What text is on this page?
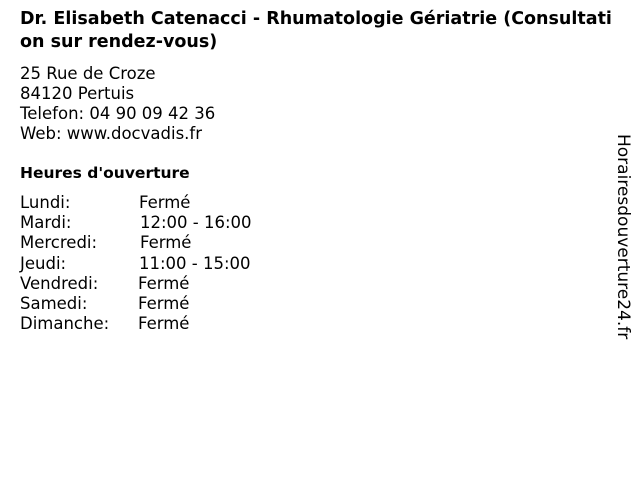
Dr. Elisabeth Catenacci - Rhumatologie Gériatrie (Consultation sur rendez-vous)
25 Rue de Croze
84120 Pertuis
Telefon: 04 90 09 42 36
Web: www.docvadis.fr
Heures d'ouverture
Lundi:	Fermé
Mardi:	12:00 - 16:00
Mercredi:	Fermé
Jeudi:	11:00 - 15:00
Vendredi: Fermé
Samedi:	Fermé
Dimanche: Fermé	Horairesdouverture24.fr
